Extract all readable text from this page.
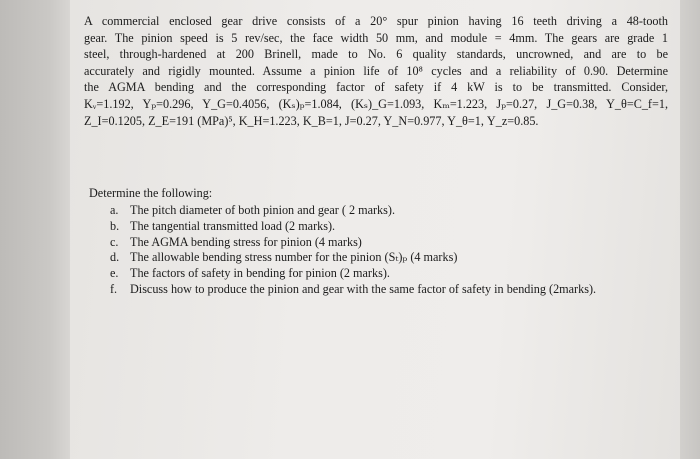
A commercial enclosed gear drive consists of a 20° spur pinion having 16 teeth driving a 48-tooth
gear. The pinion speed is 5 rev/sec, the face width 50 mm, and module = 4mm. The gears are grade 1
steel, through-hardened at 200 Brinell, made to No. 6 quality standards, uncrowned, and are to be
accurately and rigidly mounted. Assume a pinion life of 10⁸ cycles and a reliability of 0.90. Determine
the AGMA bending and the corresponding factor of safety if 4 kW is to be transmitted. Consider,
Kᵥ=1.192, Yₚ=0.296, Y_G=0.4056, (Kₛ)ₚ=1.084, (Kₛ)_G=1.093, Kₘ=1.223, Jₚ=0.27, J_G=0.38, Y_θ=C_f=1,
Z_I=0.1205, Z_E=191 (MPa)⁵, K_H=1.223, K_B=1, J=0.27, Y_N=0.977, Y_θ=1, Y_z=0.85.
Determine the following:
a. The pitch diameter of both pinion and gear ( 2 marks).
b. The tangential transmitted load (2 marks).
c. The AGMA bending stress for pinion (4 marks)
d. The allowable bending stress number for the pinion (Sₜ)ₚ (4 marks)
e. The factors of safety in bending for pinion (2 marks).
f. Discuss how to produce the pinion and gear with the same factor of safety in bending (2marks).
